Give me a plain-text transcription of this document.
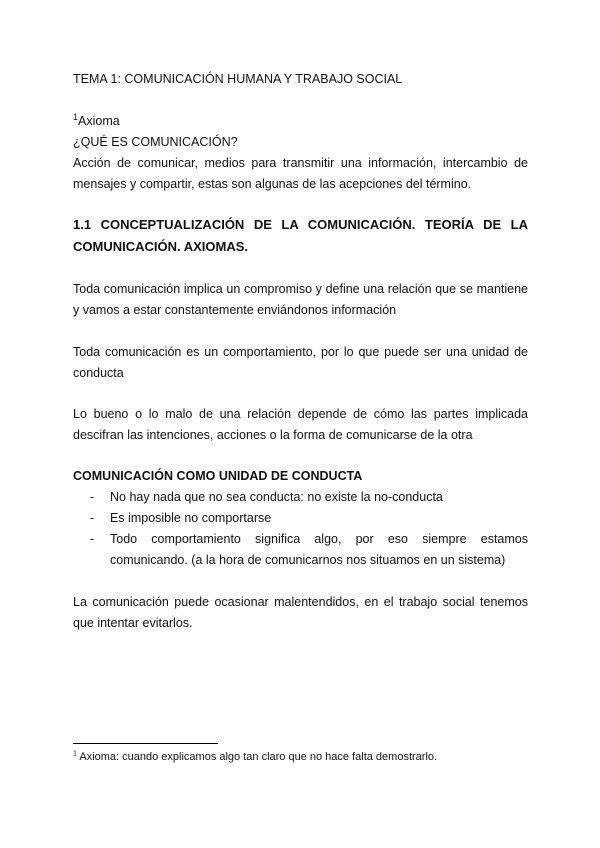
TEMA 1: COMUNICACIÓN HUMANA Y TRABAJO SOCIAL
$^1$Axioma
¿QUÉ ES COMUNICACIÓN?
Acción de comunicar, medios para transmitir una información, intercambio de mensajes y compartir, estas son algunas de las acepciones del término.
1.1 CONCEPTUALIZACIÓN DE LA COMUNICACIÓN. TEORÍA DE LA COMUNICACIÓN. AXIOMAS.
Toda comunicación implica un compromiso y define una relación que se mantiene y vamos a estar constantemente enviándonos información
Toda comunicación es un comportamiento, por lo que puede ser una unidad de conducta
Lo bueno o lo malo de una relación depende de cómo las partes implicada descifran las intenciones, acciones o la forma de comunicarse de la otra
COMUNICACIÓN COMO UNIDAD DE CONDUCTA
- No hay nada que no sea conducta: no existe la no-conducta
- Es imposible no comportarse
- Todo comportamiento significa algo, por eso siempre estamos comunicando. (a la hora de comunicarnos nos situamos en un sistema)
La comunicación puede ocasionar malentendidos, en el trabajo social tenemos que intentar evitarlos.
$^1$ Axioma: cuando explicamos algo tan claro que no hace falta demostrarlo.
